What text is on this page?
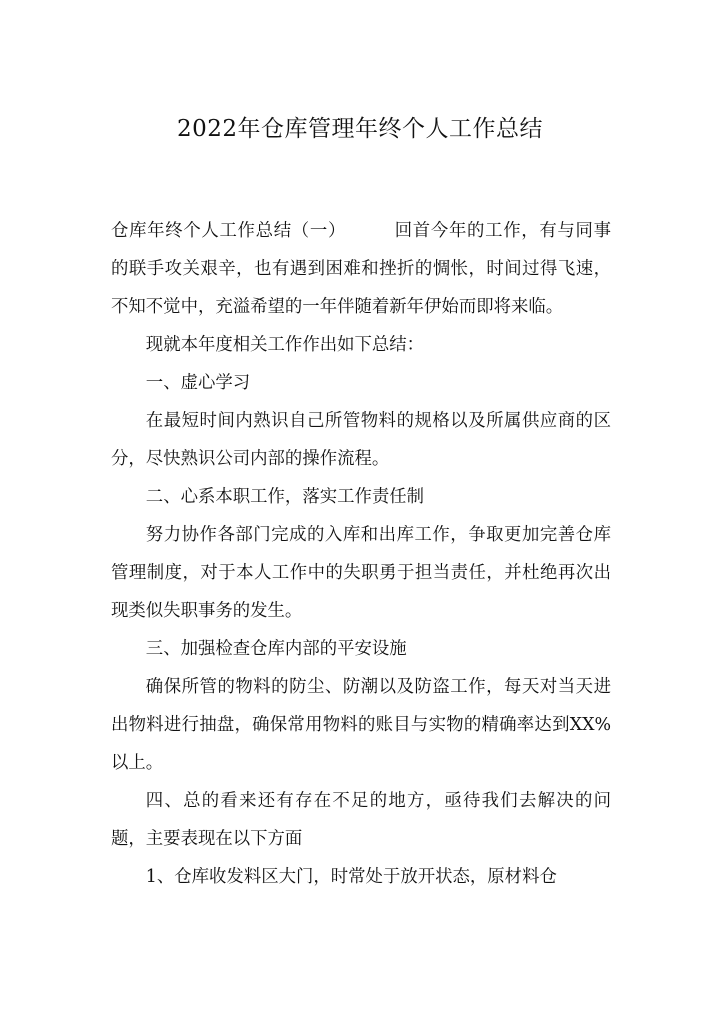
2022年仓库管理年终个人工作总结

仓库年终个人工作总结（一）	回首今年的工作，有与同事的联手攻关艰辛，也有遇到困难和挫折的惆怅，时间过得飞速，不知不觉中，充溢希望的一年伴随着新年伊始而即将来临。

现就本年度相关工作作出如下总结：

一、虚心学习

在最短时间内熟识自己所管物料的规格以及所属供应商的区分，尽快熟识公司内部的操作流程。

二、心系本职工作，落实工作责任制

努力协作各部门完成的入库和出库工作，争取更加完善仓库管理制度，对于本人工作中的失职勇于担当责任，并杜绝再次出现类似失职事务的发生。

三、加强检查仓库内部的平安设施

确保所管的物料的防尘、防潮以及防盗工作，每天对当天进出物料进行抽盘，确保常用物料的账目与实物的精确率达到XX%以上。

四、总的看来还有存在不足的地方，亟待我们去解决的问题，主要表现在以下方面

1、仓库收发料区大门，时常处于放开状态，原材料仓
